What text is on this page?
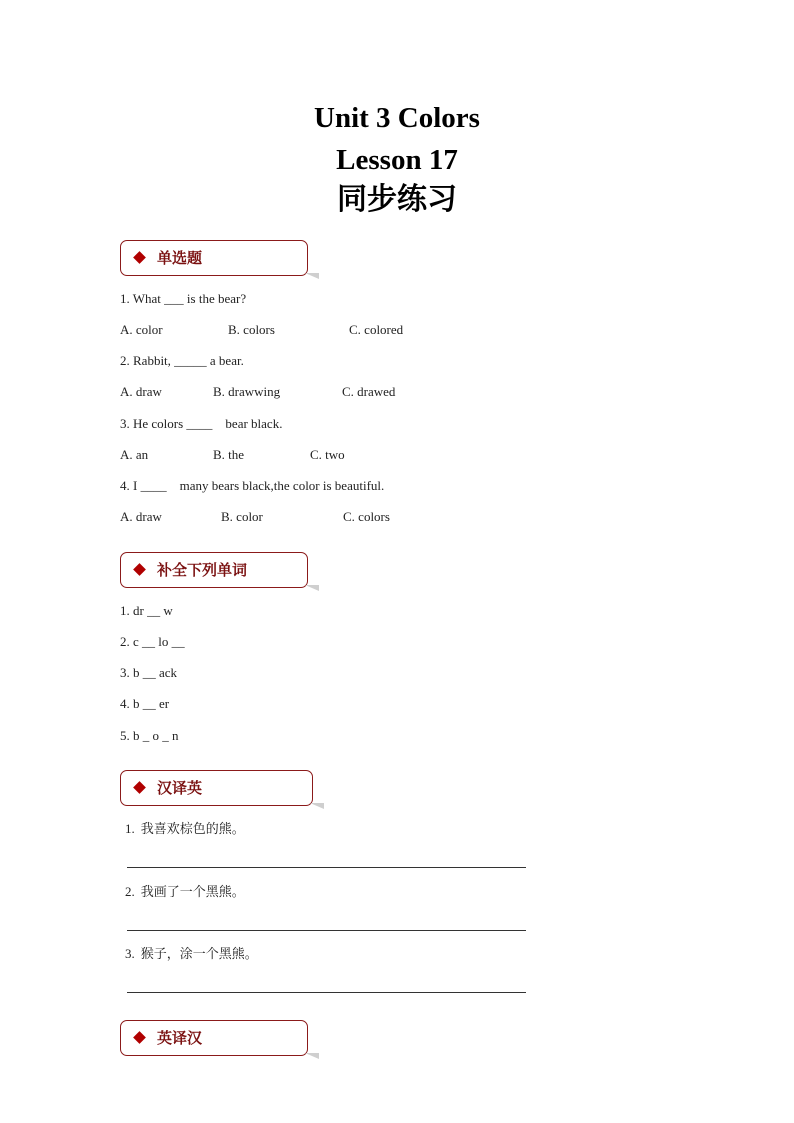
Unit 3 Colors
Lesson 17
同步练习
单选题
1. What ___ is the bear?
A. color	B. colors	C. colored
2. Rabbit, _____ a bear.
A. draw	B. drawwing	C. drawed
3. He colors ____    bear black.
A. an	B. the	C. two
4. I ____    many bears black,the color is beautiful.
A. draw	B. color	C. colors
补全下列单词
1. dr __ w
2. c __ lo __
3. b __ ack
4. b __ er
5. b _ o _ n
汉译英
1. 我喜欢棕色的熊。
2. 我画了一个黑熊。
3. 猴子，涂一个黑熊。
英译汉
